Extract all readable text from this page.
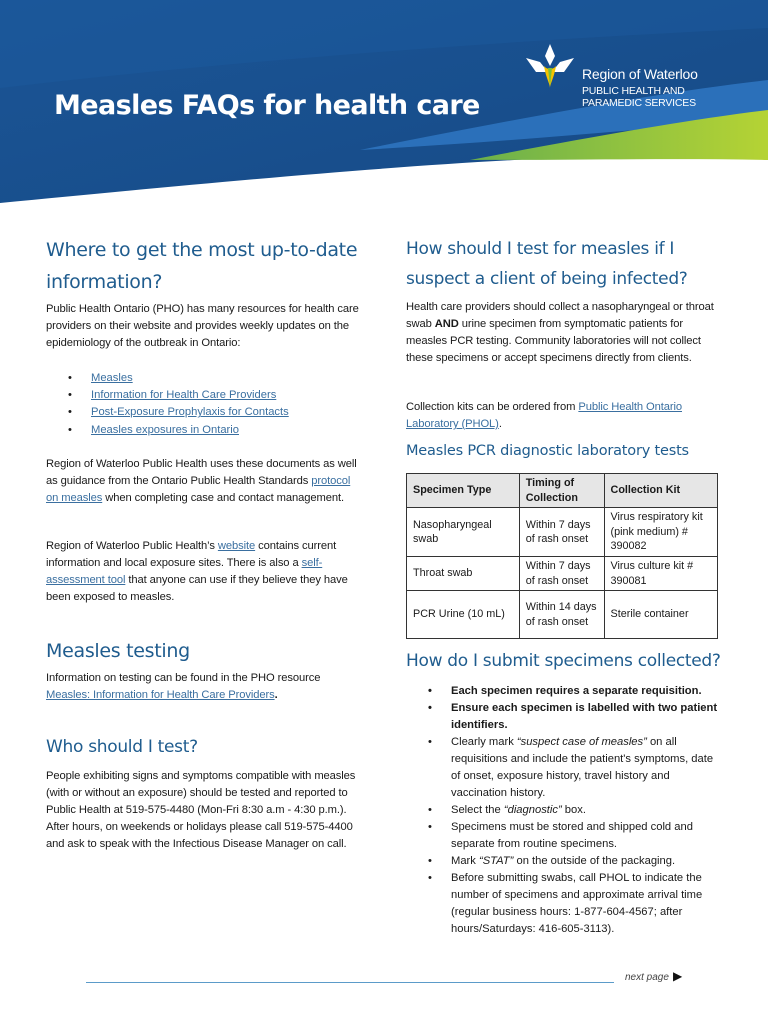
Measles FAQs for health care
Region of Waterloo
PUBLIC HEALTH AND
PARAMEDIC SERVICES
Where to get the most up-to-date
information?

Public Health Ontario (PHO) has many resources for health care providers on their website and provides weekly updates on the epidemiology of the outbreak in Ontario:

• Measles
• Information for Health Care Providers
• Post-Exposure Prophylaxis for Contacts
• Measles exposures in Ontario

Region of Waterloo Public Health uses these documents as well as guidance from the Ontario Public Health Standards protocol on measles when completing case and contact management.

Region of Waterloo Public Health’s website contains current information and local exposure sites. There is also a self-assessment tool that anyone can use if they believe they have been exposed to measles.

Measles testing

Information on testing can be found in the PHO resource Measles: Information for Health Care Providers.

Who should I test?

People exhibiting signs and symptoms compatible with measles (with or without an exposure) should be tested and reported to Public Health at 519-575-4480 (Mon-Fri 8:30 a.m - 4:30 p.m.). After hours, on weekends or holidays please call 519-575-4400 and ask to speak with the Infectious Disease Manager on call.

How should I test for measles if I
suspect a client of being infected?

Health care providers should collect a nasopharyngeal or throat swab AND urine specimen from symptomatic patients for measles PCR testing. Community laboratories will not collect these specimens or accept specimens directly from clients.

Collection kits can be ordered from Public Health Ontario Laboratory (PHOL).

Measles PCR diagnostic laboratory tests
Specimen Type	Timing of Collection	Collection Kit
Nasopharyngeal swab	Within 7 days of rash onset	Virus respiratory kit (pink medium) # 390082
Throat swab	Within 7 days of rash onset	Virus culture kit # 390081
PCR Urine (10 mL)	Within 14 days of rash onset	Sterile container
How do I submit specimens collected?
• Each specimen requires a separate requisition.
• Ensure each specimen is labelled with two patient identifiers.
• Clearly mark “suspect case of measles” on all requisitions and include the patient's symptoms, date of onset, exposure history, travel history and vaccination history.
• Select the “diagnostic” box.
• Specimens must be stored and shipped cold and separate from routine specimens.
• Mark “STAT” on the outside of the packaging.
• Before submitting swabs, call PHOL to indicate the number of specimens and approximate arrival time (regular business hours: 1-877-604-4567; after hours/Saturdays: 416-605-3113).
next page ▶
